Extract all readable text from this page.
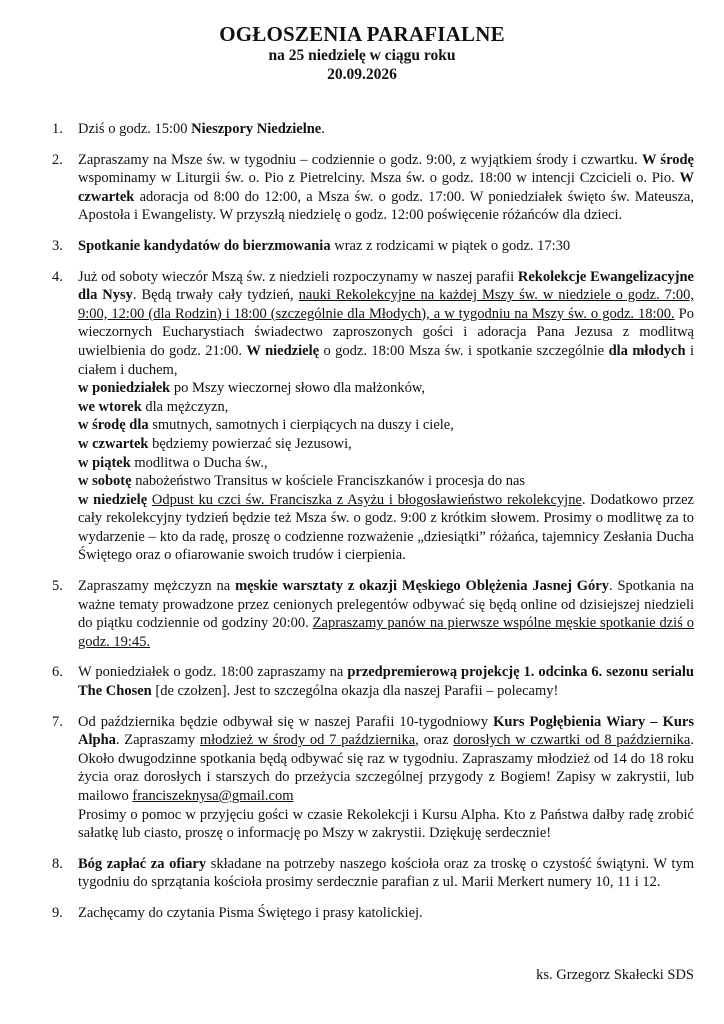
OGŁOSZENIA PARAFIALNE
na 25 niedzielę w ciągu roku
20.09.2026
1.	Dziś o godz. 15:00 Nieszpory Niedzielne.
2.	Zapraszamy na Msze św. w tygodniu – codziennie o godz. 9:00, z wyjątkiem środy i czwartku. W środę wspominamy w Liturgii św. o. Pio z Pietrelciny. Msza św. o godz. 18:00 w intencji Czcicieli o. Pio. W czwartek adoracja od 8:00 do 12:00, a Msza św. o godz. 17:00. W poniedziałek święto św. Mateusza, Apostoła i Ewangelisty. W przyszłą niedzielę o godz. 12:00 poświęcenie różańców dla dzieci.
3.	Spotkanie kandydatów do bierzmowania wraz z rodzicami w piątek o godz. 17:30
4.	Już od soboty wieczór Mszą św. z niedzieli rozpoczynamy w naszej parafii Rekolekcje Ewangelizacyjne dla Nysy. Będą trwały cały tydzień, nauki Rekolekcyjne na każdej Mszy św. w niedziele o godz. 7:00, 9:00, 12:00 (dla Rodzin) i 18:00 (szczególnie dla Młodych), a w tygodniu na Mszy św. o godz. 18:00. Po wieczornych Eucharystiach świadectwo zaproszonych gości i adoracja Pana Jezusa z modlitwą uwielbienia do godz. 21:00. W niedzielę o godz. 18:00 Msza św. i spotkanie szczególnie dla młodych i ciałem i duchem,
w poniedziałek po Mszy wieczornej słowo dla małżonków,
we wtorek dla mężczyzn,
w środę dla smutnych, samotnych i cierpiących na duszy i ciele,
w czwartek będziemy powierzać się Jezusowi,
w piątek modlitwa o Ducha św.,
w sobotę nabożeństwo Transitus w kościele Franciszkanów i procesja do nas
w niedzielę Odpust ku czci św. Franciszka z Asyżu i błogosławieństwo rekolekcyjne. Dodatkowo przez cały rekolekcyjny tydzień będzie też Msza św. o godz. 9:00 z krótkim słowem. Prosimy o modlitwę za to wydarzenie – kto da radę, proszę o codzienne rozważenie „dziesiątki” różańca, tajemnicy Zesłania Ducha Świętego oraz o ofiarowanie swoich trudów i cierpienia.
5.	Zapraszamy mężczyzn na męskie warsztaty z okazji Męskiego Oblężenia Jasnej Góry. Spotkania na ważne tematy prowadzone przez cenionych prelegentów odbywać się będą online od dzisiejszej niedzieli do piątku codziennie od godziny 20:00. Zapraszamy panów na pierwsze wspólne męskie spotkanie dziś o godz. 19:45.
6.	W poniedziałek o godz. 18:00 zapraszamy na przedpremierową projekcję 1. odcinka 6. sezonu serialu The Chosen [de czołzen]. Jest to szczególna okazja dla naszej Parafii – polecamy!
7.	Od października będzie odbywał się w naszej Parafii 10-tygodniowy Kurs Pogłębienia Wiary – Kurs Alpha. Zapraszamy młodzież w środy od 7 października, oraz dorosłych w czwartki od 8 października. Około dwugodzinne spotkania będą odbywać się raz w tygodniu. Zapraszamy młodzież od 14 do 18 roku życia oraz dorosłych i starszych do przeżycia szczególnej przygody z Bogiem! Zapisy w zakrystii, lub mailowo franciszeknysa@gmail.com
Prosimy o pomoc w przyjęciu gości w czasie Rekolekcji i Kursu Alpha. Kto z Państwa dałby radę zrobić sałatkę lub ciasto, proszę o informację po Mszy w zakrystii. Dziękuję serdecznie!
8.	Bóg zapłać za ofiary składane na potrzeby naszego kościoła oraz za troskę o czystość świątyni. W tym tygodniu do sprzątania kościoła prosimy serdecznie parafian z ul. Marii Merkert numery 10, 11 i 12.
9.	Zachęcamy do czytania Pisma Świętego i prasy katolickiej.
ks. Grzegorz Skałecki SDS
